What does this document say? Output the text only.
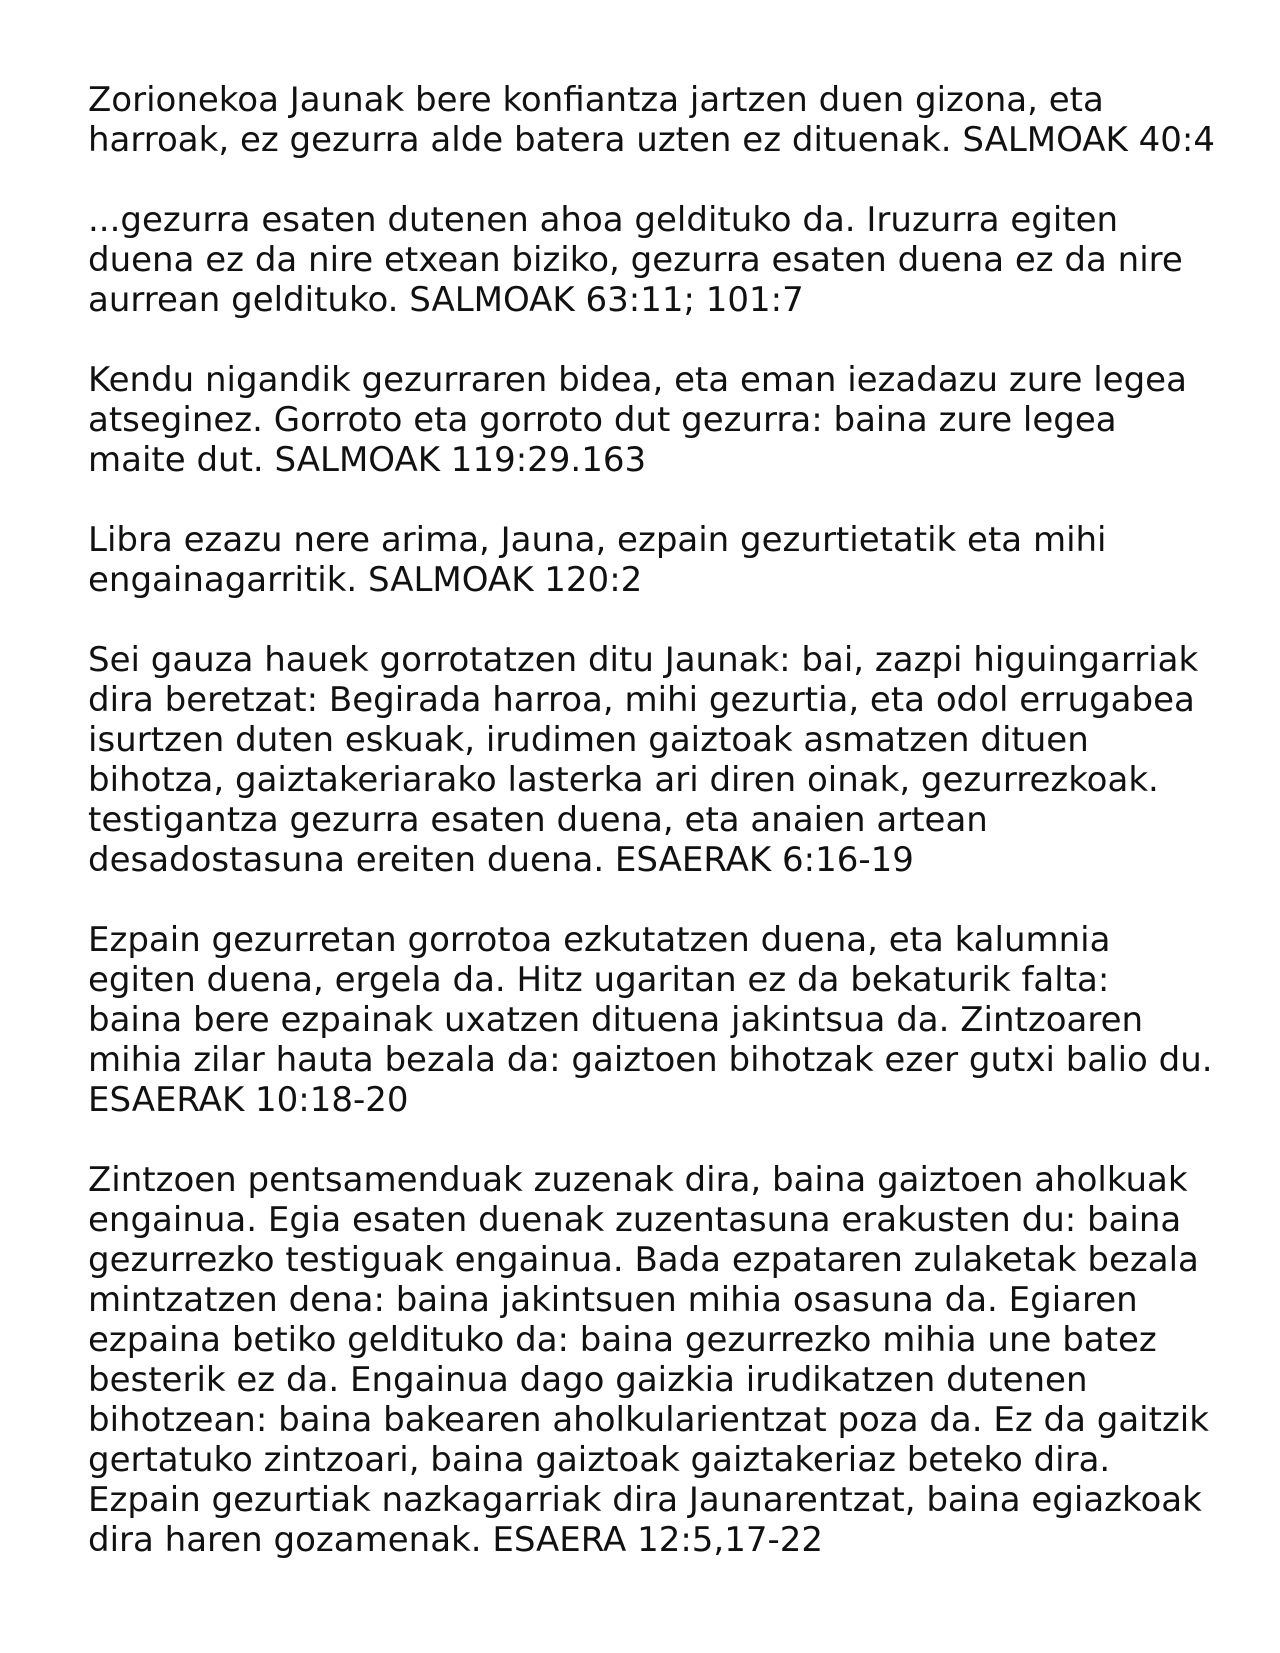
Zorionekoa Jaunak bere konfiantza jartzen duen gizona, eta
harroak, ez gezurra alde batera uzten ez dituenak. SALMOAK 40:4

...gezurra esaten dutenen ahoa geldituko da. Iruzurra egiten
duena ez da nire etxean biziko, gezurra esaten duena ez da nire
aurrean geldituko. SALMOAK 63:11; 101:7

Kendu nigandik gezurraren bidea, eta eman iezadazu zure legea
atseginez. Gorroto eta gorroto dut gezurra: baina zure legea
maite dut. SALMOAK 119:29.163

Libra ezazu nere arima, Jauna, ezpain gezurtietatik eta mihi
engainagarritik. SALMOAK 120:2

Sei gauza hauek gorrotatzen ditu Jaunak: bai, zazpi higuingarriak
dira beretzat: Begirada harroa, mihi gezurtia, eta odol errugabea
isurtzen duten eskuak, irudimen gaiztoak asmatzen dituen
bihotza, gaiztakeriarako lasterka ari diren oinak, gezurrezkoak.
testigantza gezurra esaten duena, eta anaien artean
desadostasuna ereiten duena. ESAERAK 6:16-19

Ezpain gezurretan gorrotoa ezkutatzen duena, eta kalumnia
egiten duena, ergela da. Hitz ugaritan ez da bekaturik falta:
baina bere ezpainak uxatzen dituena jakintsua da. Zintzoaren
mihia zilar hauta bezala da: gaiztoen bihotzak ezer gutxi balio du.
ESAERAK 10:18-20

Zintzoen pentsamenduak zuzenak dira, baina gaiztoen aholkuak
engainua. Egia esaten duenak zuzentasuna erakusten du: baina
gezurrezko testiguak engainua. Bada ezpataren zulaketak bezala
mintzatzen dena: baina jakintsuen mihia osasuna da. Egiaren
ezpaina betiko geldituko da: baina gezurrezko mihia une batez
besterik ez da. Engainua dago gaizkia irudikatzen dutenen
bihotzean: baina bakearen aholkularientzat poza da. Ez da gaitzik
gertatuko zintzoari, baina gaiztoak gaiztakeriaz beteko dira.
Ezpain gezurtiak nazkagarriak dira Jaunarentzat, baina egiazkoak
dira haren gozamenak. ESAERA 12:5,17-22
